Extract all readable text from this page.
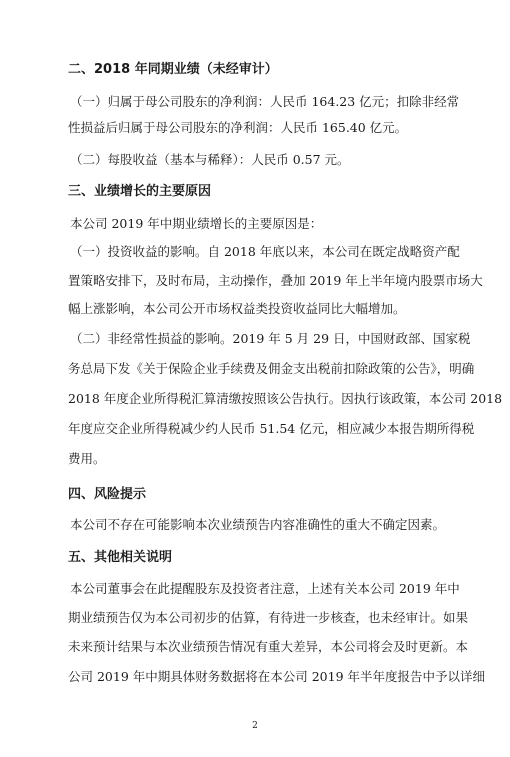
二、2018 年同期业绩（未经审计）
（一）归属于母公司股东的净利润：人民币 164.23 亿元；扣除非经常
性损益后归属于母公司股东的净利润：人民币 165.40 亿元。
（二）每股收益（基本与稀释）：人民币 0.57 元。
三、业绩增长的主要原因
本公司 2019 年中期业绩增长的主要原因是：
（一）投资收益的影响。自 2018 年底以来，本公司在既定战略资产配
置策略安排下，及时布局，主动操作，叠加 2019 年上半年境内股票市场大
幅上涨影响，本公司公开市场权益类投资收益同比大幅增加。
（二）非经常性损益的影响。2019 年 5 月 29 日，中国财政部、国家税
务总局下发《关于保险企业手续费及佣金支出税前扣除政策的公告》，明确
2018 年度企业所得税汇算清缴按照该公告执行。因执行该政策，本公司 2018
年度应交企业所得税减少约人民币 51.54 亿元，相应减少本报告期所得税
费用。
四、风险提示
本公司不存在可能影响本次业绩预告内容准确性的重大不确定因素。
五、其他相关说明
本公司董事会在此提醒股东及投资者注意，上述有关本公司 2019 年中
期业绩预告仅为本公司初步的估算，有待进一步核查，也未经审计。如果
未来预计结果与本次业绩预告情况有重大差异，本公司将会及时更新。本
公司 2019 年中期具体财务数据将在本公司 2019 年半年度报告中予以详细
2
